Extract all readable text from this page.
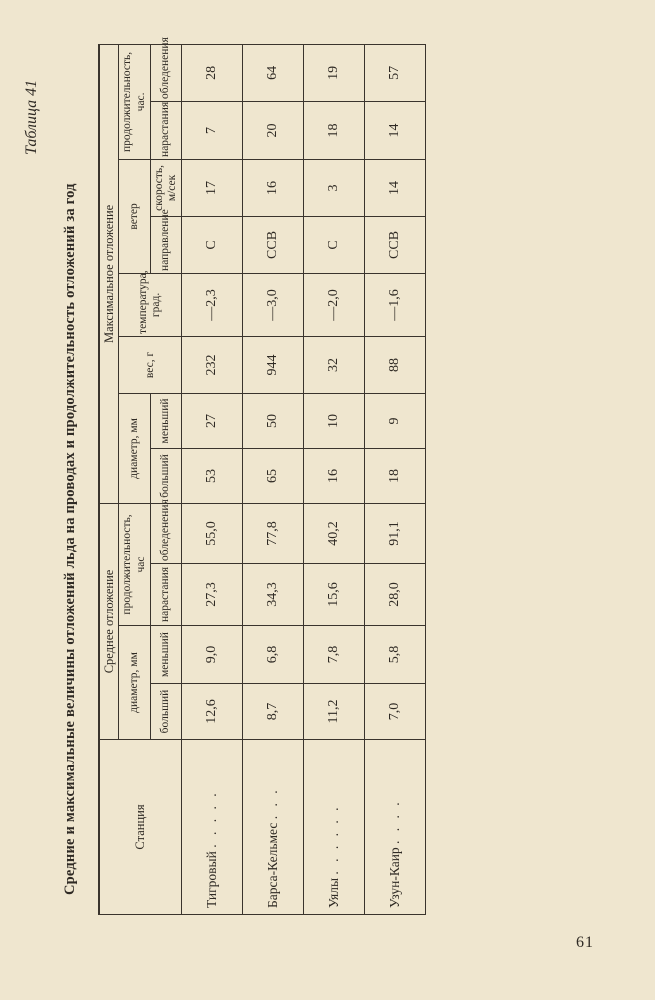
61
Таблица 41
Средние и максимальные величины отложений льда на проводах и продолжительность отложений за год	Станция	Среднее отложение				Максимальное отложение							
	диаметр, мм		продолжительность, час		диаметр, мм		вес, г	температура, град.	ветер		продолжительность, час.	
	больший	меньший	нарастания	обледенения	больший	меньший			направление	скорость, м/сек	нарастания	обледенения
Тигровый . . . . .	12,6	9,0	27,3	55,0	53	27	232	—2,3	С	17	7	28
Барса-Кельмес . . .	8,7	6,8	34,3	77,8	65	50	944	—3,0	ССВ	16	20	64
Уялы . . . . . .	11,2	7,8	15,6	40,2	16	10	32	—2,0	С	3	18	19
Узун-Каир . . . .	7,0	5,8	28,0	91,1	18	9	88	—1,6	ССВ	14	14	57
